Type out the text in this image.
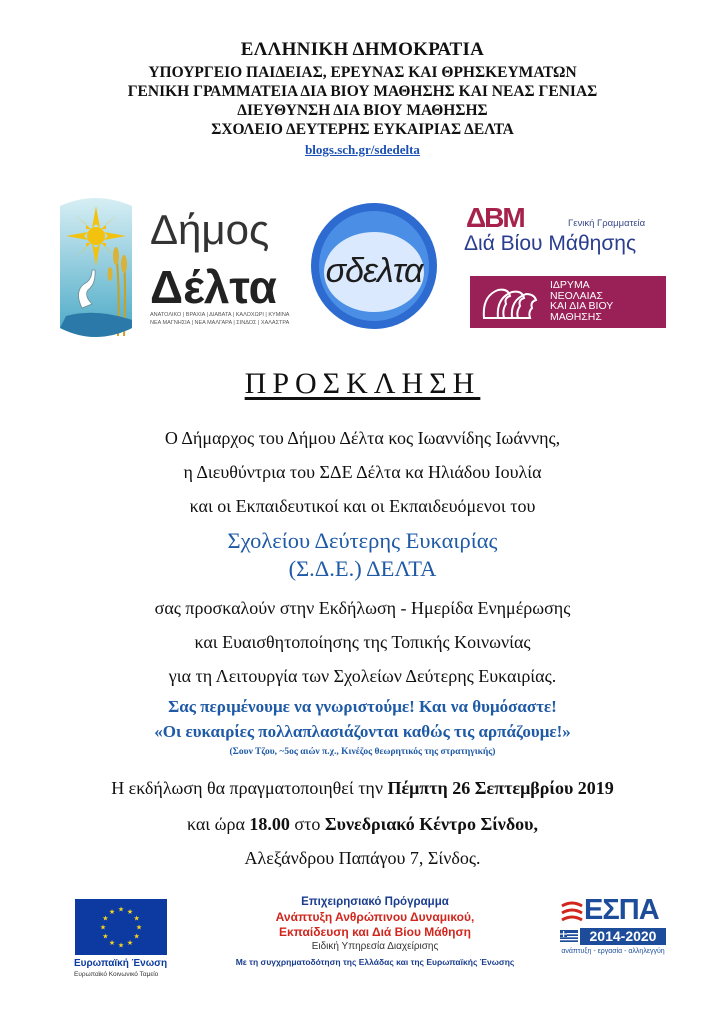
ΕΛΛΗΝΙΚΗ ΔΗΜΟΚΡΑΤΙΑ
ΥΠΟΥΡΓΕΙΟ ΠΑΙΔΕΙΑΣ, ΕΡΕΥΝΑΣ ΚΑΙ ΘΡΗΣΚΕΥΜΑΤΩΝ
ΓΕΝΙΚΗ ΓΡΑΜΜΑΤΕΙΑ ΔΙΑ ΒΙΟΥ ΜΑΘΗΣΗΣ ΚΑΙ ΝΕΑΣ ΓΕΝΙΑΣ
ΔΙΕΥΘΥΝΣΗ ΔΙΑ ΒΙΟΥ ΜΑΘΗΣΗΣ
ΣΧΟΛΕΙΟ ΔΕΥΤΕΡΗΣ ΕΥΚΑΙΡΙΑΣ ΔΕΛΤΑ
blogs.sch.gr/sdedelta
Δήμος
Δέλτα
ΑΝΑΤΟΛΙΚΟ | ΒΡΑΧΙΑ | ΔΙΑΒΑΤΑ | ΚΑΛΟΧΩΡΙ | ΚΥΜΙΝΑ
ΝΕΑ ΜΑΓΝΗΣΙΑ | ΝΕΑ ΜΑΛΓΑΡΑ | ΣΙΝΔΟΣ | ΧΑΛΑΣΤΡΑ
σδελτα
ΔΒΜ	Γενική Γραμματεία
Διά Βίου Μάθησης
ΙΔΡΥΜΑ
ΝΕΟΛΑΙΑΣ
ΚΑΙ ΔΙΑ ΒΙΟΥ
ΜΑΘΗΣΗΣ
ΠΡΟΣΚΛΗΣΗ
Ο Δήμαρχος του Δήμου Δέλτα κος Ιωαννίδης Ιωάννης,
η Διευθύντρια του ΣΔΕ Δέλτα κα Ηλιάδου Ιουλία
και οι Εκπαιδευτικοί και οι Εκπαιδευόμενοι του
Σχολείου Δεύτερης Ευκαιρίας
(Σ.Δ.Ε.) ΔΕΛΤΑ
σας προσκαλούν στην Εκδήλωση - Ημερίδα Ενημέρωσης
και Ευαισθητοποίησης της Τοπικής Κοινωνίας
για τη Λειτουργία των Σχολείων Δεύτερης Ευκαιρίας.
Σας περιμένουμε να γνωριστούμε! Και να θυμόσαστε!
«Οι ευκαιρίες πολλαπλασιάζονται καθώς τις αρπάζουμε!»
(Σουν Τζου, ~5ος αιών π.χ., Κινέζος θεωρητικός της στρατηγικής)
Η εκδήλωση θα πραγματοποιηθεί την Πέμπτη 26 Σεπτεμβρίου 2019
και ώρα 18.00 στο Συνεδριακό Κέντρο Σίνδου,
Αλεξάνδρου Παπάγου 7, Σίνδος.
★
★
★
★
★
★
★
★
★ ★ ★
★
Ευρωπαϊκή Ένωση
Ευρωπαϊκό Κοινωνικό Ταμείο
Επιχειρησιακό Πρόγραμμα
Ανάπτυξη Ανθρώπινου Δυναμικού,
Εκπαίδευση και Διά Βίου Μάθηση
Ειδική Υπηρεσία Διαχείρισης
Με τη συγχρηματοδότηση της Ελλάδας και της Ευρωπαϊκής Ένωσης
ΕΣΠΑ
2014-2020
ανάπτυξη - εργασία - αλληλεγγύη
